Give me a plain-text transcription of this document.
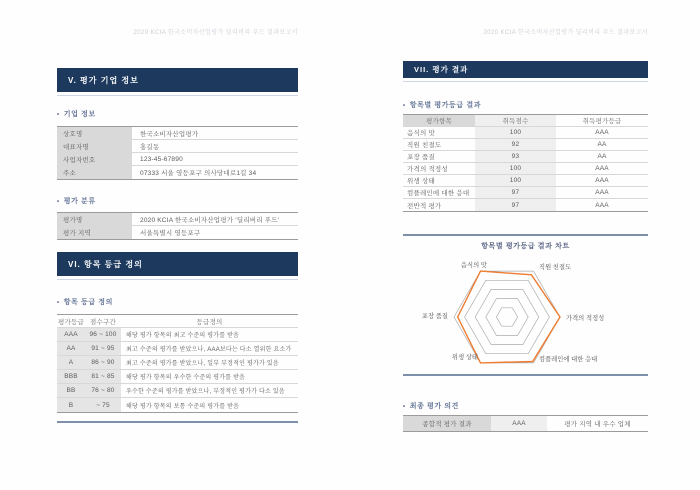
2020 KCIA 한국소비자산업평가 딜리버리 푸드 결과보고서
V. 평가 기업 정보
• 기업 정보
상호명	한국소비자산업평가
대표자명	홍길동
사업자번호	123-45-67890
주소	07333 서울 영등포구 의사당대로1길 34
• 평가 분류
평가명	2020 KCIA 한국소비자산업평가 ‘딜리버리 푸드’
평가 지역	서울특별시 영등포구
VI. 항목 등급 정의
• 항목 등급 정의
평가등급 점수구간	등급정의
AAA	96 ~ 100	해당 평가 항목의 최고 수준의 평가를 받음
AA	91 ~ 95	최고 수준의 평가를 받았으나, AAA보다는 다소 열위한 요소가
A	86 ~ 90	최고 수준의 평가를 받았으나, 일부 부정적인 평가가 있음
BBB	81 ~ 85	해당 평가 항목의 우수한 수준의 평가를 받음
BB	76 ~ 80	우수한 수준의 평가를 받았으나, 부정적인 평가가 다소 있음
B	~ 75	해당 평가 항목의 보통 수준의 평가를 받음
2020 KCIA 한국소비자산업평가 딜리버리 푸드 결과보고서
VII. 평가 결과
• 항목별 평가등급 결과
평가항목	취득점수	취득평가등급
음식의 맛	100	AAA
직원 친절도	92	AA
포장 품질	93	AA
가격의 적정성	100	AAA
위생 상태	100	AAA
컴플레인에 대한 응대	97	AAA
전반적 평가	97	AAA
항목별 평가등급 결과 차트
음식의 맛	직원 친절도
가격의 적정성
컴플레인에 대한 응대
위생 상태
포장 품질
• 최종 평가 의견
종합적 평가 결과	AAA	평가 지역 내 우수 업체
